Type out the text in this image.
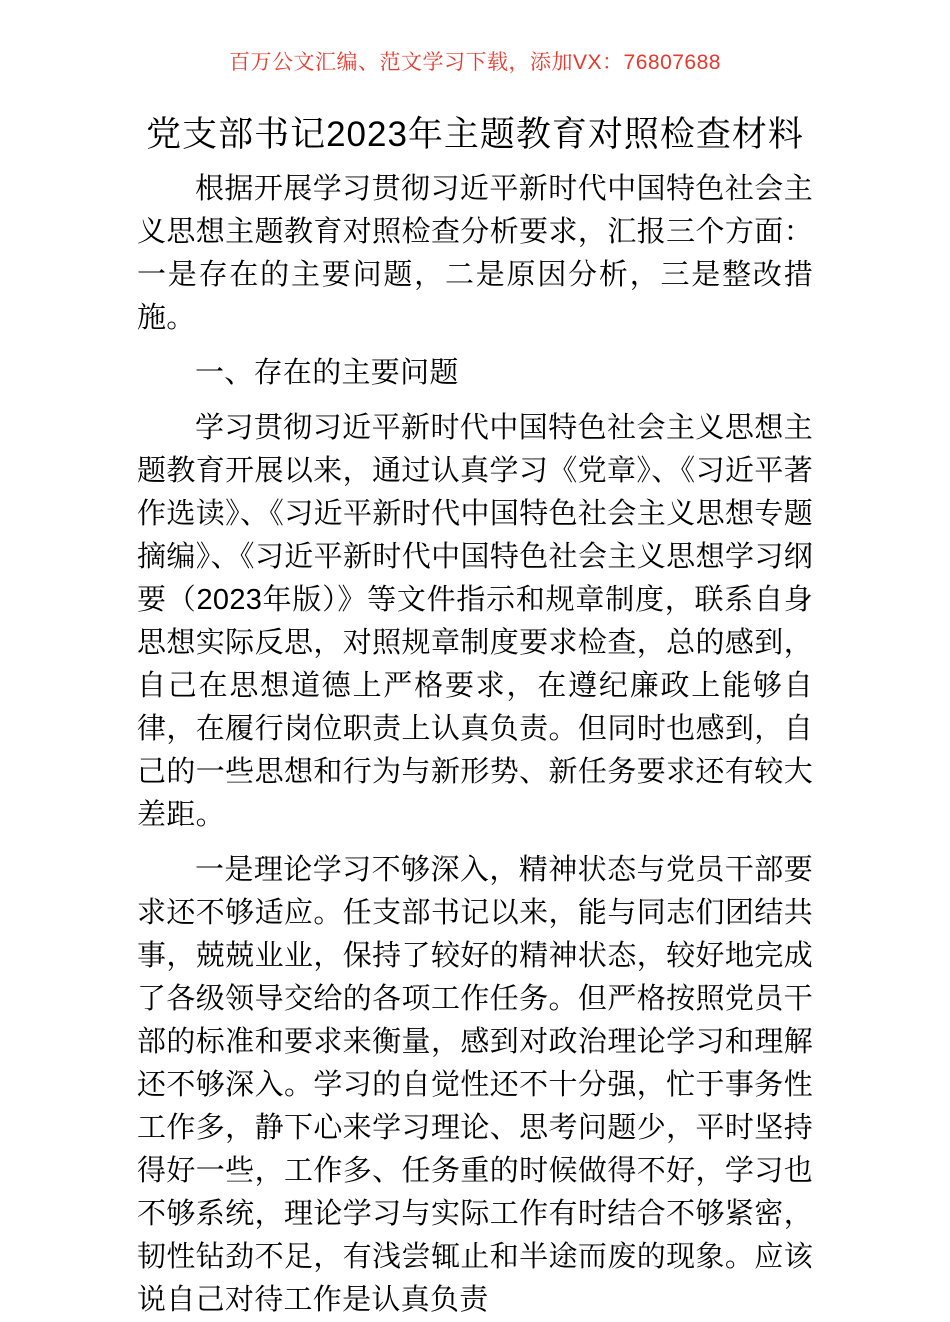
百万公文汇编、范文学习下载，添加VX：76807688
党支部书记2023年主题教育对照检查材料

根据开展学习贯彻习近平新时代中国特色社会主义思想主题教育对照检查分析要求，汇报三个方面：一是存在的主要问题，二是原因分析，三是整改措施。

一、存在的主要问题

学习贯彻习近平新时代中国特色社会主义思想主题教育开展以来，通过认真学习《党章》、《习近平著作选读》、《习近平新时代中国特色社会主义思想专题摘编》、《习近平新时代中国特色社会主义思想学习纲要（2023年版）》等文件指示和规章制度，联系自身思想实际反思，对照规章制度要求检查，总的感到，自己在思想道德上严格要求，在遵纪廉政上能够自律，在履行岗位职责上认真负责。但同时也感到，自己的一些思想和行为与新形势、新任务要求还有较大差距。

一是理论学习不够深入，精神状态与党员干部要求还不够适应。任支部书记以来，能与同志们团结共事，兢兢业业，保持了较好的精神状态，较好地完成了各级领导交给的各项工作任务。但严格按照党员干部的标准和要求来衡量，感到对政治理论学习和理解还不够深入。学习的自觉性还不十分强，忙于事务性工作多，静下心来学习理论、思考问题少，平时坚持得好一些，工作多、任务重的时候做得不好，学习也不够系统，理论学习与实际工作有时结合不够紧密，韧性钻劲不足，有浅尝辄止和半途而废的现象。应该说自己对待工作是认真负责
